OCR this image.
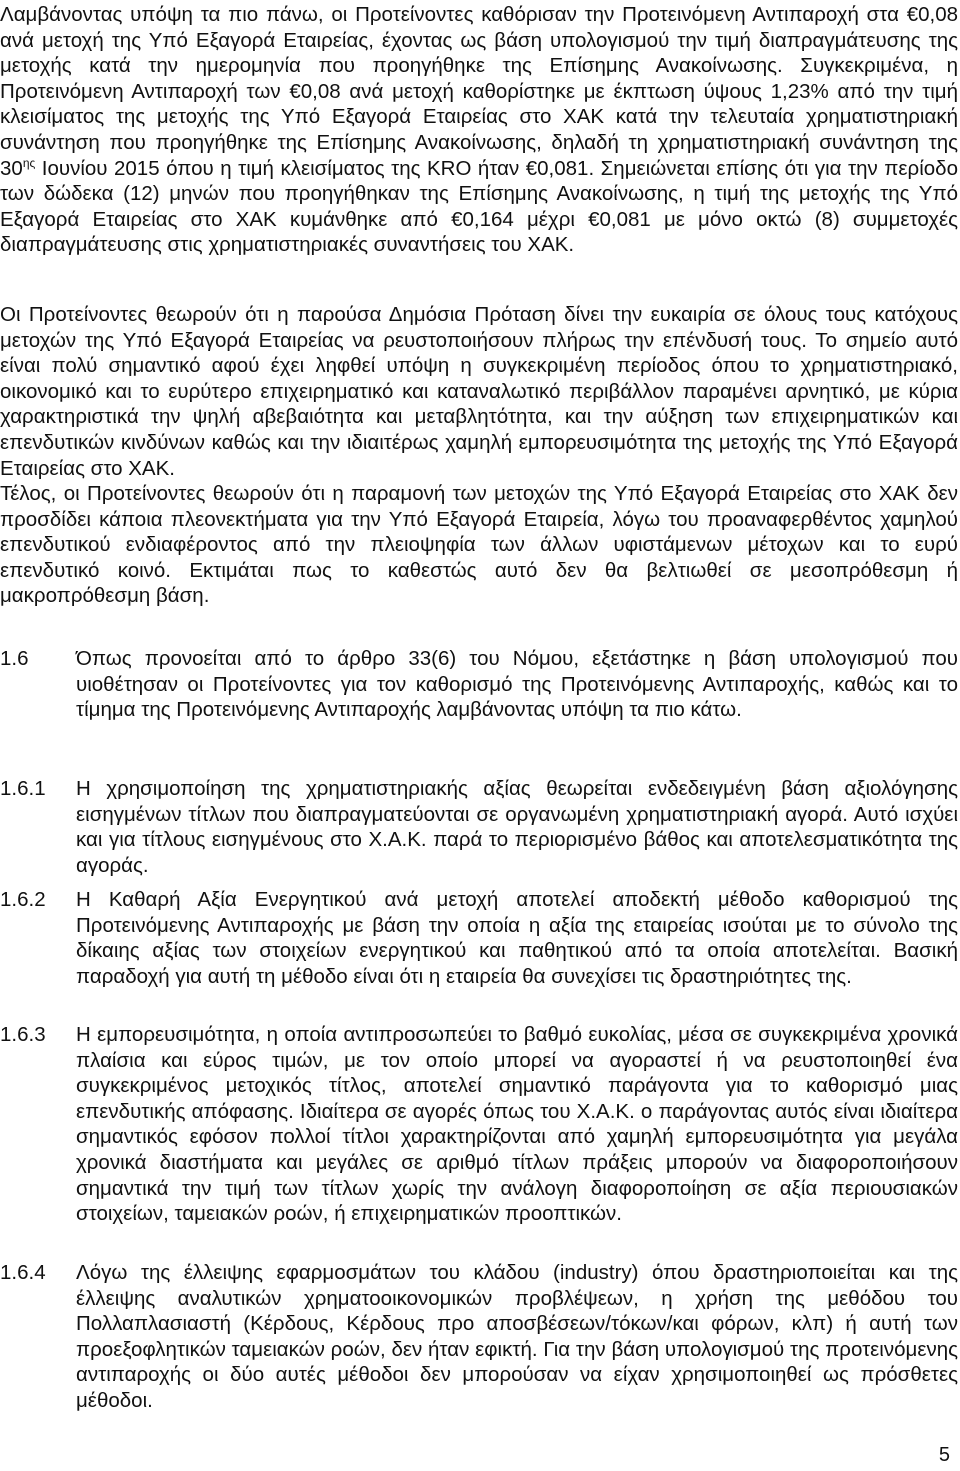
Λαμβάνοντας υπόψη τα πιο πάνω, οι Προτείνοντες καθόρισαν την Προτεινόμενη Αντιπαροχή στα €0,08 ανά μετοχή της Υπό Εξαγορά Εταιρείας, έχοντας ως βάση υπολογισμού την τιμή διαπραγμάτευσης της μετοχής κατά την ημερομηνία που προηγήθηκε της Επίσημης Ανακοίνωσης. Συγκεκριμένα, η Προτεινόμενη Αντιπαροχή των €0,08 ανά μετοχή καθορίστηκε με έκπτωση ύψους 1,23% από την τιμή κλεισίματος της μετοχής της Υπό Εξαγορά Εταιρείας στο ΧΑΚ κατά την τελευταία χρηματιστηριακή συνάντηση που προηγήθηκε της Επίσημης Ανακοίνωσης, δηλαδή τη χρηματιστηριακή συνάντηση της $30^{\eta\varsigma}$ Ιουνίου 2015 όπου η τιμή κλεισίματος της KRO ήταν €0,081. Σημειώνεται επίσης ότι για την περίοδο των δώδεκα (12) μηνών που προηγήθηκαν της Επίσημης Ανακοίνωσης, η τιμή της μετοχής της Υπό Εξαγορά Εταιρείας στο ΧΑΚ κυμάνθηκε από €0,164 μέχρι €0,081 με μόνο οκτώ (8) συμμετοχές διαπραγμάτευσης στις χρηματιστηριακές συναντήσεις του ΧΑΚ.

Οι Προτείνοντες θεωρούν ότι η παρούσα Δημόσια Πρόταση δίνει την ευκαιρία σε όλους τους κατόχους μετοχών της Υπό Εξαγορά Εταιρείας να ρευστοποιήσουν πλήρως την επένδυσή τους. Το σημείο αυτό είναι πολύ σημαντικό αφού έχει ληφθεί υπόψη η συγκεκριμένη περίοδος όπου το χρηματιστηριακό, οικονομικό και το ευρύτερο επιχειρηματικό και καταναλωτικό περιβάλλον παραμένει αρνητικό, με κύρια χαρακτηριστικά την ψηλή αβεβαιότητα και μεταβλητότητα, και την αύξηση των επιχειρηματικών και επενδυτικών κινδύνων καθώς και την ιδιαιτέρως χαμηλή εμπορευσιμότητα της μετοχής της Υπό Εξαγορά Εταιρείας στο ΧΑΚ.

Τέλος, οι Προτείνοντες θεωρούν ότι η παραμονή των μετοχών της Υπό Εξαγορά Εταιρείας στο ΧΑΚ δεν προσδίδει κάποια πλεονεκτήματα για την Υπό Εξαγορά Εταιρεία, λόγω του προαναφερθέντος χαμηλού επενδυτικού ενδιαφέροντος από την πλειοψηφία των άλλων υφιστάμενων μέτοχων και το ευρύ επενδυτικό κοινό. Εκτιμάται πως το καθεστώς αυτό δεν θα βελτιωθεί σε μεσοπρόθεσμη ή μακροπρόθεσμη βάση.

1.6	Όπως προνοείται από το άρθρο 33(6) του Νόμου, εξετάστηκε η βάση υπολογισμού που υιοθέτησαν οι Προτείνοντες για τον καθορισμό της Προτεινόμενης Αντιπαροχής, καθώς και το τίμημα της Προτεινόμενης Αντιπαροχής λαμβάνοντας υπόψη τα πιο κάτω.

1.6.1	Η χρησιμοποίηση της χρηματιστηριακής αξίας θεωρείται ενδεδειγμένη βάση αξιολόγησης εισηγμένων τίτλων που διαπραγματεύονται σε οργανωμένη χρηματιστηριακή αγορά. Αυτό ισχύει και για τίτλους εισηγμένους στο Χ.Α.Κ. παρά το περιορισμένο βάθος και αποτελεσματικότητα της αγοράς.

1.6.2	Η Καθαρή Αξία Ενεργητικού ανά μετοχή αποτελεί αποδεκτή μέθοδο καθορισμού της Προτεινόμενης Αντιπαροχής με βάση την οποία η αξία της εταιρείας ισούται με το σύνολο της δίκαιης αξίας των στοιχείων ενεργητικού και παθητικού από τα οποία αποτελείται. Βασική παραδοχή για αυτή τη μέθοδο είναι ότι η εταιρεία θα συνεχίσει τις δραστηριότητες της.

1.6.3	Η εμπορευσιμότητα, η οποία αντιπροσωπεύει το βαθμό ευκολίας, μέσα σε συγκεκριμένα χρονικά πλαίσια και εύρος τιμών, με τον οποίο μπορεί να αγοραστεί ή να ρευστοποιηθεί ένα συγκεκριμένος μετοχικός τίτλος, αποτελεί σημαντικό παράγοντα για το καθορισμό μιας επενδυτικής απόφασης. Ιδιαίτερα σε αγορές όπως του Χ.Α.Κ. ο παράγοντας αυτός είναι ιδιαίτερα σημαντικός εφόσον πολλοί τίτλοι χαρακτηρίζονται από χαμηλή εμπορευσιμότητα για μεγάλα χρονικά διαστήματα και μεγάλες σε αριθμό τίτλων πράξεις μπορούν να διαφοροποιήσουν σημαντικά την τιμή των τίτλων χωρίς την ανάλογη διαφοροποίηση σε αξία περιουσιακών στοιχείων, ταμειακών ροών, ή επιχειρηματικών προοπτικών.

1.6.4	Λόγω της έλλειψης εφαρμοσμάτων του κλάδου (industry) όπου δραστηριοποιείται και της έλλειψης αναλυτικών χρηματοοικονομικών προβλέψεων, η χρήση της μεθόδου του Πολλαπλασιαστή (Κέρδους, Κέρδους προ αποσβέσεων/τόκων/και φόρων, κλπ) ή αυτή των προεξοφλητικών ταμειακών ροών, δεν ήταν εφικτή. Για την βάση υπολογισμού της προτεινόμενης αντιπαροχής οι δύο αυτές μέθοδοι δεν μπορούσαν να είχαν χρησιμοποιηθεί ως πρόσθετες μέθοδοι.

5
